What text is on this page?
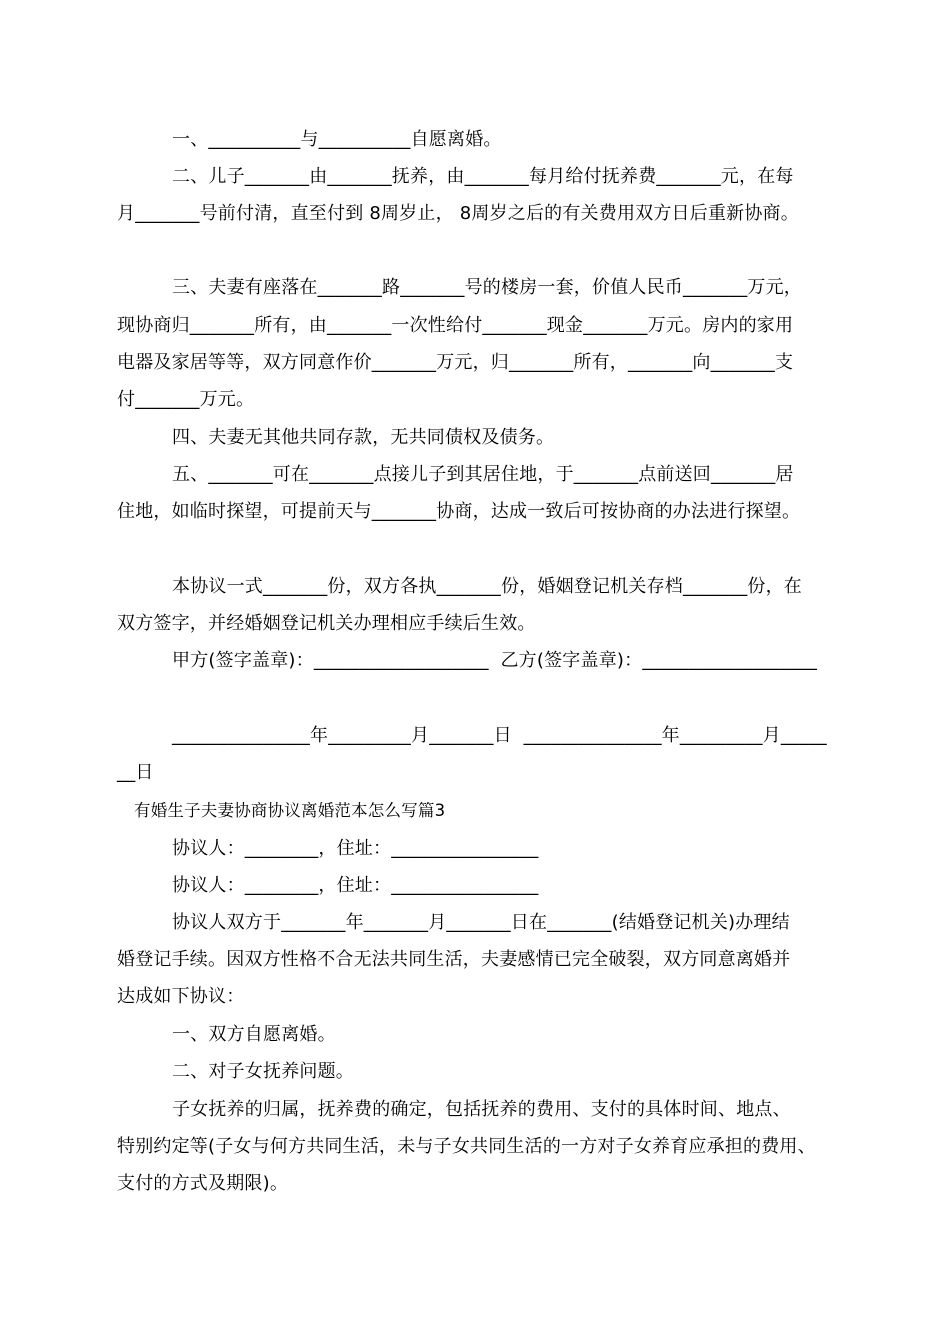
一、__________与__________自愿离婚。
二、儿子_______由_______抚养，由_______每月给付抚养费_______元，在每
月_______号前付清，直至付到 8周岁止， 8周岁之后的有关费用双方日后重新协商。
三、夫妻有座落在_______路_______号的楼房一套，价值人民币_______万元，
现协商归_______所有，由_______一次性给付_______现金_______万元。房内的家用
电器及家居等等，双方同意作价_______万元，归_______所有，_______向_______支
付_______万元。
四、夫妻无其他共同存款，无共同债权及债务。
五、_______可在_______点接儿子到其居住地，于_______点前送回_______居
住地，如临时探望，可提前天与_______协商，达成一致后可按协商的办法进行探望。
本协议一式_______份，双方各执_______份，婚姻登记机关存档_______份，在
双方签字，并经婚姻登记机关办理相应手续后生效。
甲方(签字盖章)：___________________  乙方(签字盖章)：___________________
_______________年_________月_______日  _______________年_________月_____
__日
有婚生子夫妻协商协议离婚范本怎么写篇3
协议人：________，住址：________________
协议人：________，住址：________________
协议人双方于_______年_______月_______日在_______(结婚登记机关)办理结
婚登记手续。因双方性格不合无法共同生活，夫妻感情已完全破裂，双方同意离婚并
达成如下协议：
一、双方自愿离婚。
二、对子女抚养问题。
子女抚养的归属，抚养费的确定，包括抚养的费用、支付的具体时间、地点、
特别约定等(子女与何方共同生活，未与子女共同生活的一方对子女养育应承担的费用、
支付的方式及期限)。
